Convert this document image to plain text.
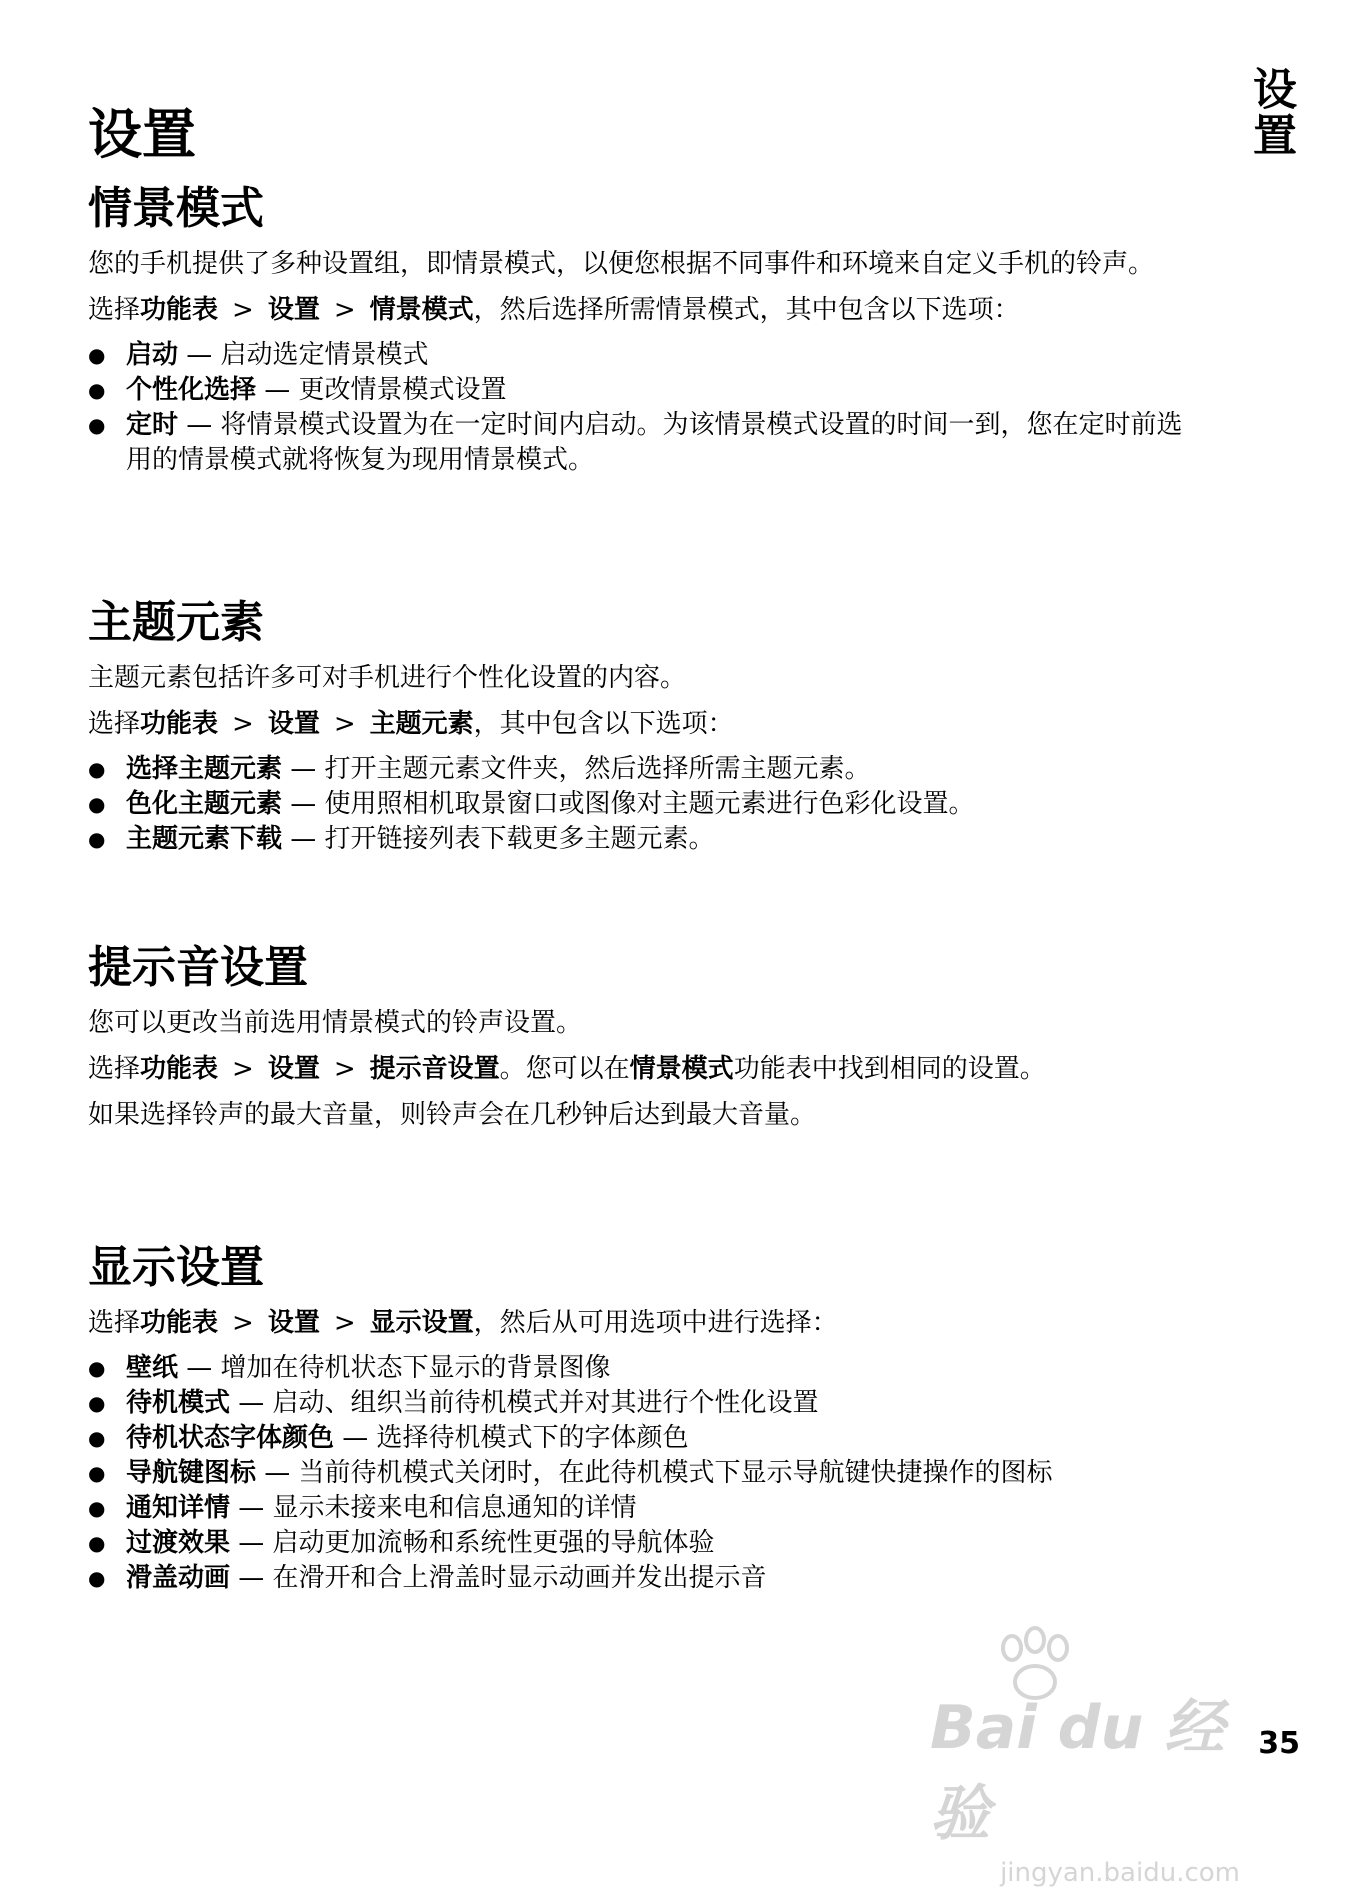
设置
设置
情景模式

您的手机提供了多种设置组，即情景模式，以便您根据不同事件和环境来自定义手机的铃声。

选择功能表 > 设置 > 情景模式，然后选择所需情景模式，其中包含以下选项：

● 启动 — 启动选定情景模式
● 个性化选择 — 更改情景模式设置
● 定时 — 将情景模式设置为在一定时间内启动。为该情景模式设置的时间一到，您在定时前选用的情景模式就将恢复为现用情景模式。
主题元素

主题元素包括许多可对手机进行个性化设置的内容。

选择功能表 > 设置 > 主题元素，其中包含以下选项：

● 选择主题元素 — 打开主题元素文件夹，然后选择所需主题元素。
● 色化主题元素 — 使用照相机取景窗口或图像对主题元素进行色彩化设置。
● 主题元素下载 — 打开链接列表下载更多主题元素。
提示音设置

您可以更改当前选用情景模式的铃声设置。

选择功能表 > 设置 > 提示音设置。您可以在情景模式功能表中找到相同的设置。

如果选择铃声的最大音量，则铃声会在几秒钟后达到最大音量。

显示设置

选择功能表 > 设置 > 显示设置，然后从可用选项中进行选择：

● 壁纸 — 增加在待机状态下显示的背景图像
● 待机模式 — 启动、组织当前待机模式并对其进行个性化设置
● 待机状态字体颜色 — 选择待机模式下的字体颜色
● 导航键图标 — 当前待机模式关闭时，在此待机模式下显示导航键快捷操作的图标
● 通知详情 — 显示未接来电和信息通知的详情
● 过渡效果 — 启动更加流畅和系统性更强的导航体验
● 滑盖动画 — 在滑开和合上滑盖时显示动画并发出提示音
Bai du 经验
jingyan.baidu.com
35
